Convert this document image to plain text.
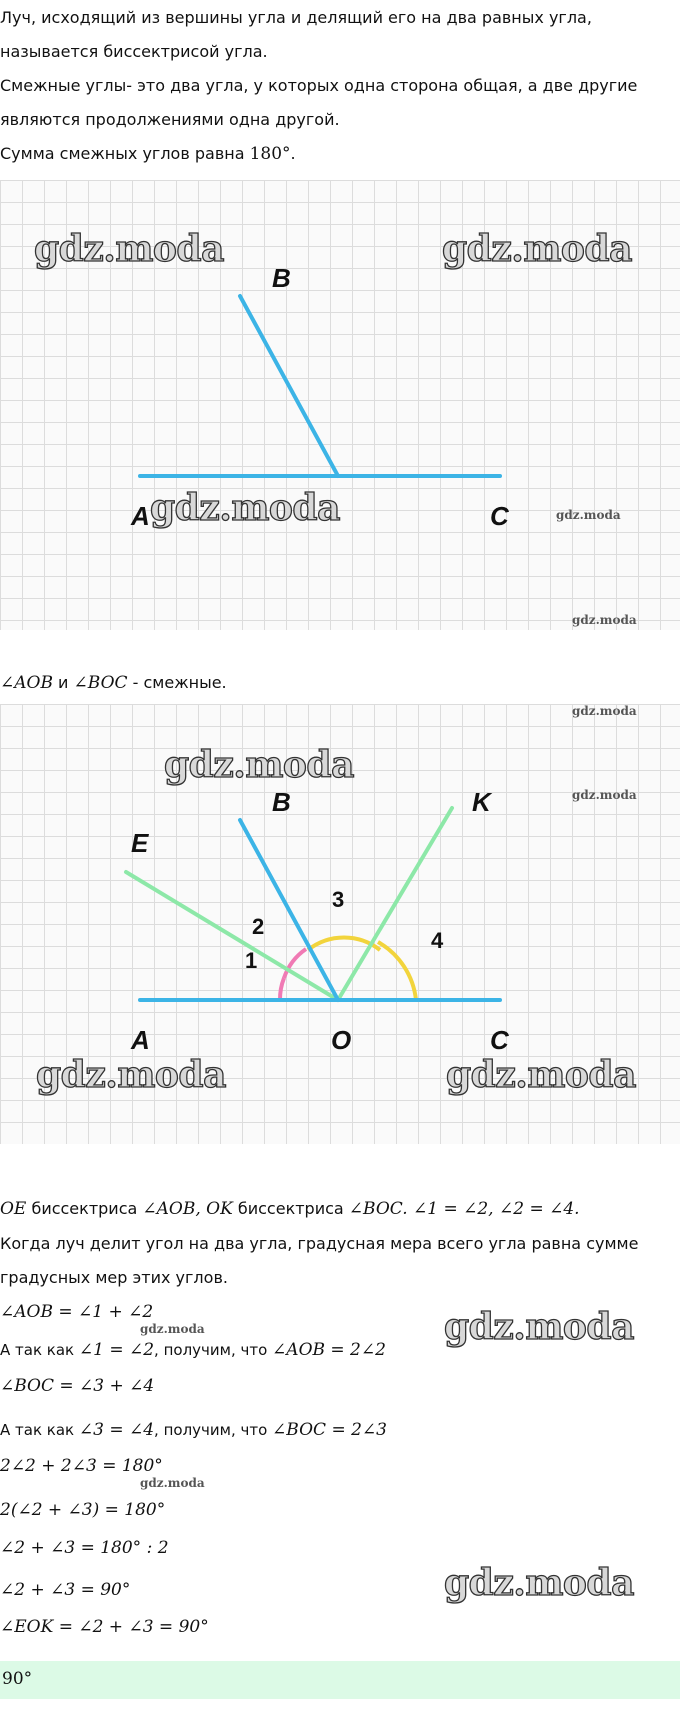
Луч, исходящий из вершины угла и делящий его на два равных угла,
называется биссектрисой угла.
Смежные углы- это два угла, у которых одна сторона общая, а две другие
являются продолжениями одна другой.
Сумма смежных углов равна 180°.
B
A	C
gdz.moda	gdz.moda
gdz.moda	gdz.moda
gdz.moda
∠AOB и ∠BOC - смежные.
B	K
E
A	O	C
1
2
3
4
gdz.moda
gdz.moda
gdz.moda
gdz.moda	gdz.moda
OE биссектриса ∠AOB, OK биссектриса ∠BOC. ∠1 = ∠2, ∠2 = ∠4.
Когда луч делит угол на два угла, градусная мера всего угла равна сумме
градусных мер этих углов.
∠AOB = ∠1 + ∠2
gdz.moda	gdz.moda
А так как ∠1 = ∠2, получим, что ∠AOB = 2∠2
∠BOC = ∠3 + ∠4
А так как ∠3 = ∠4, получим, что ∠BOC = 2∠3
2∠2 + 2∠3 = 180°
gdz.moda
2(∠2 + ∠3) = 180°
∠2 + ∠3 = 180° : 2
∠2 + ∠3 = 90°	gdz.moda
∠EOK = ∠2 + ∠3 = 90°
90°
